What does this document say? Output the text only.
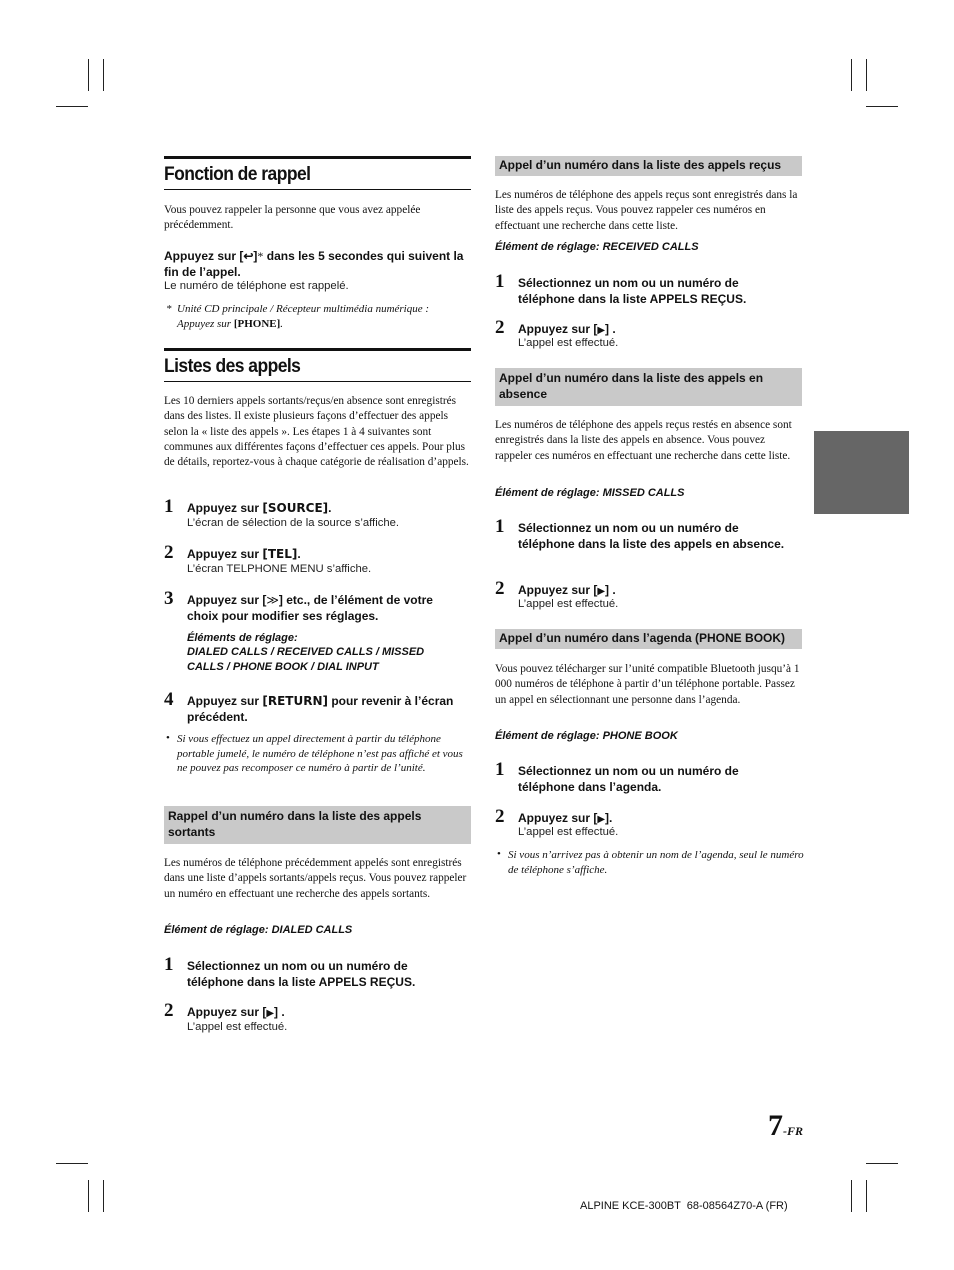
Fonction de rappel
Vous pouvez rappeler la personne que vous avez appelée précédemment.
Appuyez sur [↩]* dans les 5 secondes qui suivent la fin de l’appel.
Le numéro de téléphone est rappelé.
* Unité CD principale / Récepteur multimédia numérique :
Appuyez sur [PHONE].
Listes des appels
Les 10 derniers appels sortants/reçus/en absence sont enregistrés dans des listes. Il existe plusieurs façons d’effectuer des appels selon la « liste des appels ». Les étapes 1 à 4 suivantes sont communes aux différentes façons d’effectuer ces appels. Pour plus de détails, reportez-vous à chaque catégorie de réalisation d’appels.
1 Appuyez sur [SOURCE].
L’écran de sélection de la source s’affiche.
2 Appuyez sur [TEL].
L’écran TELPHONE MENU s’affiche.
3 Appuyez sur [≫] etc., de l’élément de votre choix pour modifier ses réglages.
Éléments de réglage:
DIALED CALLS / RECEIVED CALLS / MISSED CALLS / PHONE BOOK / DIAL INPUT
4 Appuyez sur [RETURN] pour revenir à l’écran précédent.
• Si vous effectuez un appel directement à partir du téléphone portable jumelé, le numéro de téléphone n’est pas affiché et vous ne pouvez pas recomposer ce numéro à partir de l’unité.
Rappel d’un numéro dans la liste des appels sortants
Les numéros de téléphone précédemment appelés sont enregistrés dans une liste d’appels sortants/appels reçus. Vous pouvez rappeler un numéro en effectuant une recherche des appels sortants.
Élément de réglage: DIALED CALLS
1 Sélectionnez un nom ou un numéro de téléphone dans la liste APPELS REÇUS.
2 Appuyez sur [▶] .
L’appel est effectué.
Appel d’un numéro dans la liste des appels reçus
Les numéros de téléphone des appels reçus sont enregistrés dans la liste des appels reçus. Vous pouvez rappeler ces numéros en effectuant une recherche dans cette liste.
Élément de réglage: RECEIVED CALLS
1 Sélectionnez un nom ou un numéro de téléphone dans la liste APPELS REÇUS.
2 Appuyez sur [▶] .
L’appel est effectué.
Appel d’un numéro dans la liste des appels en absence
Les numéros de téléphone des appels reçus restés en absence sont enregistrés dans la liste des appels en absence. Vous pouvez rappeler ces numéros en effectuant une recherche dans cette liste.
Élément de réglage: MISSED CALLS
1 Sélectionnez un nom ou un numéro de téléphone dans la liste des appels en absence.
2 Appuyez sur [▶] .
L’appel est effectué.
Appel d’un numéro dans l’agenda (PHONE BOOK)
Vous pouvez télécharger sur l’unité compatible Bluetooth jusqu’à 1 000 numéros de téléphone à partir d’un téléphone portable. Passez un appel en sélectionnant une personne dans l’agenda.
Élément de réglage: PHONE BOOK
1 Sélectionnez un nom ou un numéro de téléphone dans l’agenda.
2 Appuyez sur [▶].
L’appel est effectué.
• Si vous n’arrivez pas à obtenir un nom de l’agenda, seul le numéro de téléphone s’affiche.
7-FR
ALPINE KCE-300BT  68-08564Z70-A (FR)
